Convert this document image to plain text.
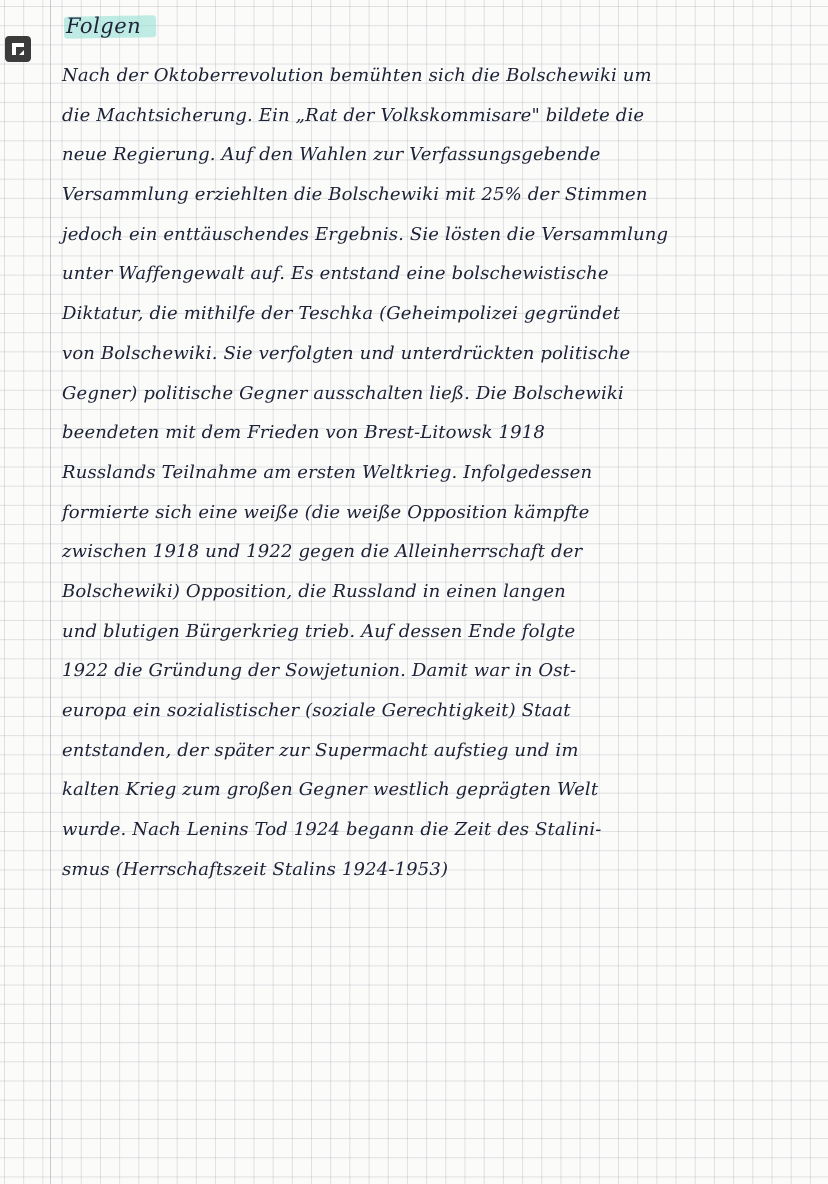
Folgen
Nach der Oktoberrevolution bemühten sich die Bolschewiki um
die Machtsicherung. Ein „Rat der Volkskommisare" bildete die
neue Regierung. Auf den Wahlen zur Verfassungsgebende
Versammlung erziehlten die Bolschewiki mit 25% der Stimmen
jedoch ein enttäuschendes Ergebnis. Sie lösten die Versammlung
unter Waffengewalt auf. Es entstand eine bolschewistische
Diktatur, die mithilfe der Teschka (Geheimpolizei gegründet
von Bolschewiki. Sie verfolgten und unterdrückten politische
Gegner) politische Gegner ausschalten ließ. Die Bolschewiki
beendeten mit dem Frieden von Brest-Litowsk 1918
Russlands Teilnahme am ersten Weltkrieg. Infolgedessen
formierte sich eine weiße (die weiße Opposition kämpfte
zwischen 1918 und 1922 gegen die Alleinherrschaft der
Bolschewiki) Opposition, die Russland in einen langen
und blutigen Bürgerkrieg trieb. Auf dessen Ende folgte
1922 die Gründung der Sowjetunion. Damit war in Ost-
europa ein sozialistischer (soziale Gerechtigkeit) Staat
entstanden, der später zur Supermacht aufstieg und im
kalten Krieg zum großen Gegner westlich geprägten Welt
wurde. Nach Lenins Tod 1924 begann die Zeit des Stalini-
smus (Herrschaftszeit Stalins 1924-1953)
